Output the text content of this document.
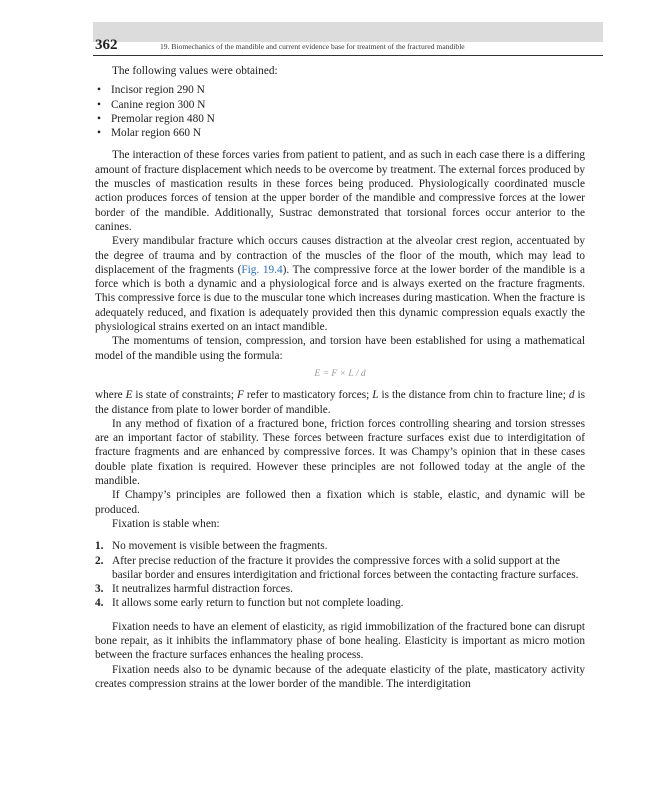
362	19. Biomechanics of the mandible and current evidence base for treatment of the fractured mandible

The following values were obtained:

• Incisor region 290 N
• Canine region 300 N
• Premolar region 480 N
• Molar region 660 N

The interaction of these forces varies from patient to patient, and as such in each case there is a differing amount of fracture displacement which needs to be overcome by treatment. The external forces produced by the muscles of mastication results in these forces being produced. Physiologically coordinated muscle action produces forces of tension at the upper border of the mandible and compressive forces at the lower border of the mandible. Additionally, Sustrac demonstrated that torsional forces occur anterior to the canines.

Every mandibular fracture which occurs causes distraction at the alveolar crest region, accentuated by the degree of trauma and by contraction of the muscles of the floor of the mouth, which may lead to displacement of the fragments (Fig. 19.4). The compressive force at the lower border of the mandible is a force which is both a dynamic and a physiological force and is always exerted on the fracture fragments. This compressive force is due to the muscular tone which increases during mastication. When the fracture is adequately reduced, and fixation is adequately provided then this dynamic compression equals exactly the physiological strains exerted on an intact mandible.

The momentums of tension, compression, and torsion have been established for using a mathematical model of the mandible using the formula:

E = F × L / d

where E is state of constraints; F refer to masticatory forces; L is the distance from chin to fracture line; d is the distance from plate to lower border of mandible.

In any method of fixation of a fractured bone, friction forces controlling shearing and torsion stresses are an important factor of stability. These forces between fracture surfaces exist due to interdigitation of fracture fragments and are enhanced by compressive forces. It was Champy’s opinion that in these cases double plate fixation is required. However these principles are not followed today at the angle of the mandible.

If Champy’s principles are followed then a fixation which is stable, elastic, and dynamic will be produced.

Fixation is stable when:

1. No movement is visible between the fragments.
2. After precise reduction of the fracture it provides the compressive forces with a solid support at the basilar border and ensures interdigitation and frictional forces between the contacting fracture surfaces.
3. It neutralizes harmful distraction forces.
4. It allows some early return to function but not complete loading.

Fixation needs to have an element of elasticity, as rigid immobilization of the fractured bone can disrupt bone repair, as it inhibits the inflammatory phase of bone healing. Elasticity is important as micro motion between the fracture surfaces enhances the healing process.

Fixation needs also to be dynamic because of the adequate elasticity of the plate, masticatory activity creates compression strains at the lower border of the mandible. The interdigitation
